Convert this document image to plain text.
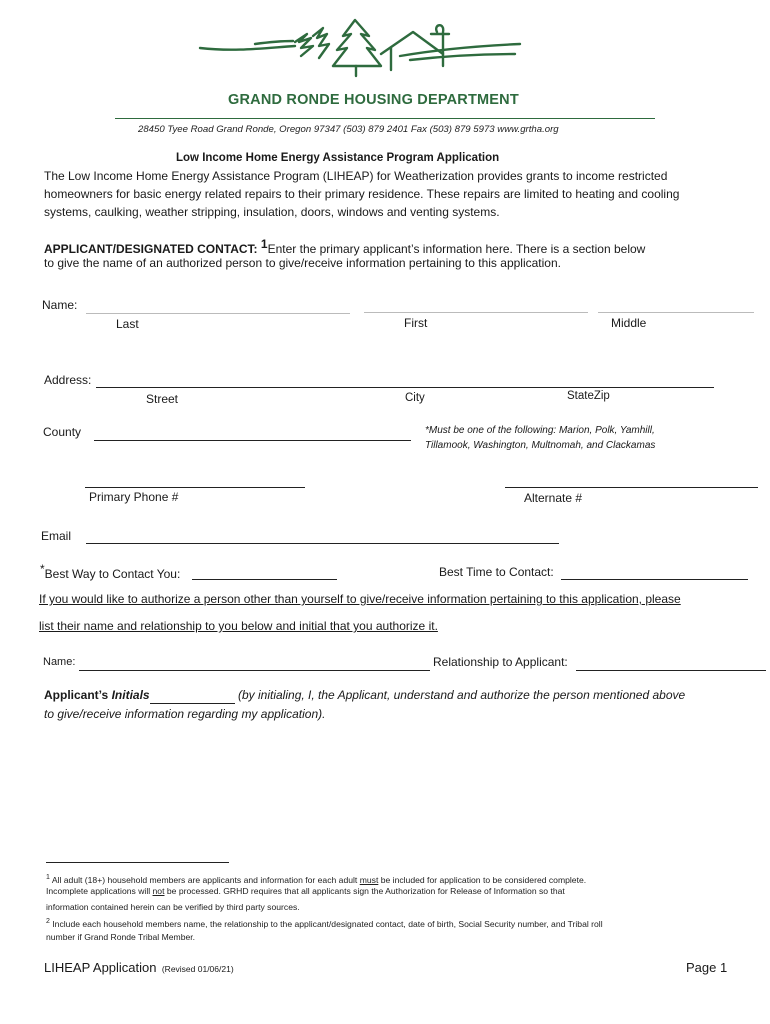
GRAND RONDE HOUSING DEPARTMENT
28450 Tyee Road Grand Ronde, Oregon 97347 (503) 879 2401 Fax (503) 879 5973 www.grtha.org
Low Income Home Energy Assistance Program Application
The Low Income Home Energy Assistance Program (LIHEAP) for Weatherization provides grants to income restricted
homeowners for basic energy related repairs to their primary residence. These repairs are limited to heating and cooling
systems, caulking, weather stripping, insulation, doors, windows and venting systems.
APPLICANT/DESIGNATED CONTACT: $^1$Enter the primary applicant’s information here. There is a section below
to give the name of an authorized person to give/receive information pertaining to this application.
Name:
Last	First	Middle
Address:
Street	City	StateZip
County	*Must be one of the following: Marion, Polk, Yamhill,
Tillamook, Washington, Multnomah, and Clackamas
Primary Phone #	Alternate #
Email
*Best Way to Contact You:	Best Time to Contact:
If you would like to authorize a person other than yourself to give/receive information pertaining to this application, please
list their name and relationship to you below and initial that you authorize it.
Name:	Relationship to Applicant:
Applicant’s Initials	(by initialing, I, the Applicant, understand and authorize the person mentioned above
to give/receive information regarding my application).
$^1$ All adult (18+) household members are applicants and information for each adult must be included for application to be considered complete.
Incomplete applications will not be processed. GRHD requires that all applicants sign the Authorization for Release of Information so that
information contained herein can be verified by third party sources.
$^2$ Include each household members name, the relationship to the applicant/designated contact, date of birth, Social Security number, and Tribal roll
number if Grand Ronde Tribal Member.
LIHEAP Application (Revised 01/06/21)	Page 1
